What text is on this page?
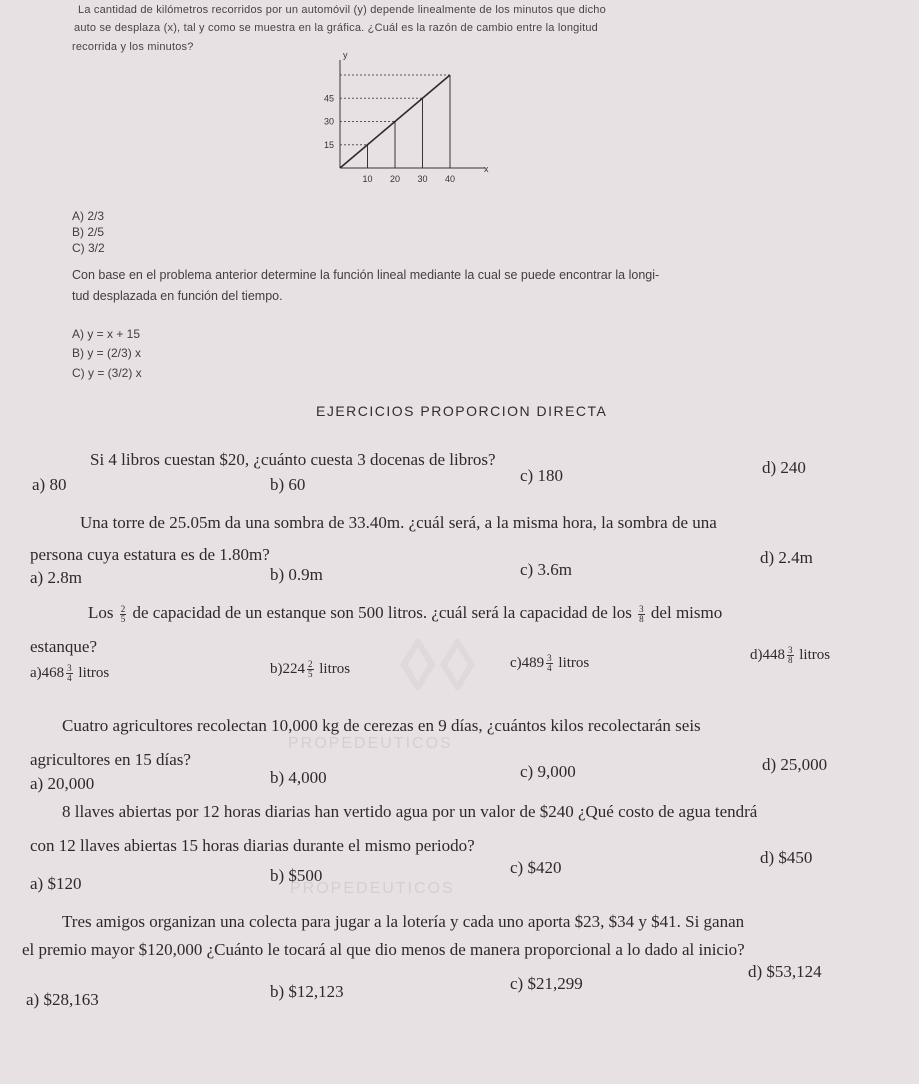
◊◊
PROPEDEUTICOS
PROPEDEUTICOS
La cantidad de kilómetros recorridos por un automóvil (y) depende linealmente de los minutos que dicho
auto se desplaza (x), tal y como se muestra en la gráfica. ¿Cuál es la razón de cambio entre la longitud
recorrida y los minutos?
x
y
10 20 30 40
15
30
45
A) 2/3
B) 2/5
C) 3/2
Con base en el problema anterior determine la función lineal mediante la cual se puede encontrar la longi-
tud desplazada en función del tiempo.
A) y = x + 15
B) y = (2/3) x
C) y = (3/2) x
EJERCICIOS PROPORCION DIRECTA
Si 4 libros cuestan $20, ¿cuánto cuesta 3 docenas de libros?
a) 80	b) 60	c) 180	d) 240
Una torre de 25.05m da una sombra de 33.40m. ¿cuál será, a la misma hora, la sombra de una
persona cuya estatura es de 1.80m?
a) 2.8m	b) 0.9m	c) 3.6m
d) 2.4m
Los $\frac{2}{5}$ de capacidad de un estanque son 500 litros. ¿cuál será la capacidad de los $\frac{3}{8}$ del mismo
estanque?
$a)468 \frac{3}{4}$ litros	$b)224 \frac{2}{5}$ litros	$c)489 \frac{3}{4}$ litros	$d)448 \frac{3}{8}$ litros
Cuatro agricultores recolectan 10,000 kg de cerezas en 9 días, ¿cuántos kilos recolectarán seis
agricultores en 15 días?
a) 20,000	b) 4,000	c) 9,000	d) 25,000
8 llaves abiertas por 12 horas diarias han vertido agua por un valor de $240 ¿Qué costo de agua tendrá
con 12 llaves abiertas 15 horas diarias durante el mismo periodo?
a) $120	b) $500	c) $420
d) $450
Tres amigos organizan una colecta para jugar a la lotería y cada uno aporta $23, $34 y $41. Si ganan
el premio mayor $120,000 ¿Cuánto le tocará al que dio menos de manera proporcional a lo dado al inicio?
a) $28,163	b) $12,123	c) $21,299
d) $53,124
